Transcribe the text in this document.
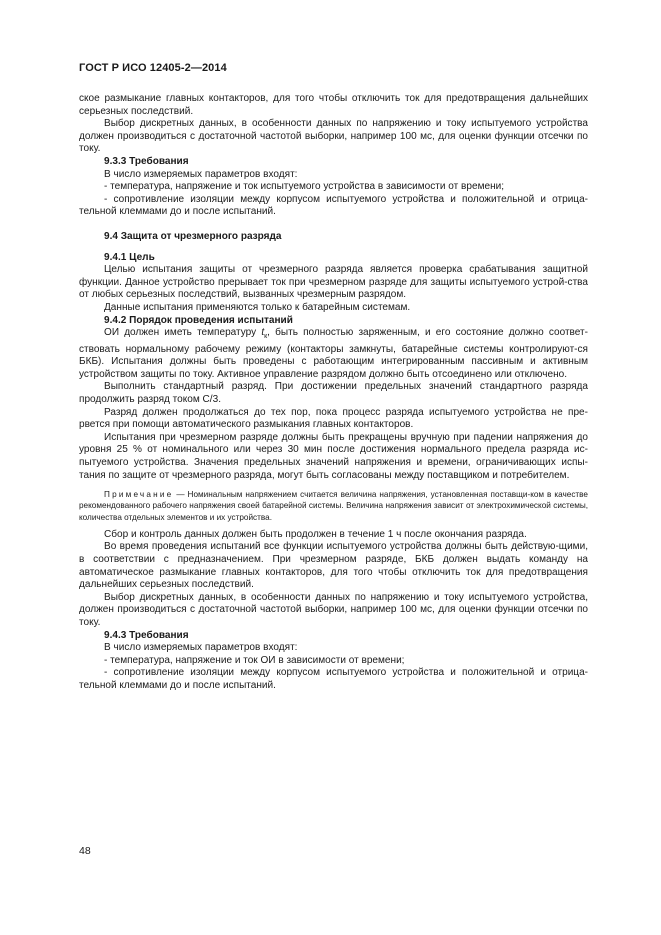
ГОСТ Р ИСО 12405-2—2014

ское размыкание главных контакторов, для того чтобы отключить ток для предотвращения дальнейших серьезных последствий.

Выбор дискретных данных, в особенности данных по напряжению и току испытуемого устройства должен производиться с достаточной частотой выборки, например 100 мс, для оценки функции отсечки по току.

9.3.3 Требования

В число измеряемых параметров входят:

- температура, напряжение и ток испытуемого устройства в зависимости от времени;

- сопротивление изоляции между корпусом испытуемого устройства и положительной и отрица-тельной клеммами до и после испытаний.

9.4 Защита от чрезмерного разряда

9.4.1 Цель

Целью испытания защиты от чрезмерного разряда является проверка срабатывания защитной функции. Данное устройство прерывает ток при чрезмерном разряде для защиты испытуемого устрой-ства от любых серьезных последствий, вызванных чрезмерным разрядом.

Данные испытания применяются только к батарейным системам.

9.4.2 Порядок проведения испытаний

ОИ должен иметь температуру $t_к$, быть полностью заряженным, и его состояние должно соответ-ствовать нормальному рабочему режиму (контакторы замкнуты, батарейные системы контролируют-ся БКБ). Испытания должны быть проведены с работающим интегрированным пассивным и активным устройством защиты по току. Активное управление разрядом должно быть отсоединено или отключено.

Выполнить стандартный разряд. При достижении предельных значений стандартного разряда продолжить разряд током С/3.

Разряд должен продолжаться до тех пор, пока процесс разряда испытуемого устройства не пре-рвется при помощи автоматического размыкания главных контакторов.

Испытания при чрезмерном разряде должны быть прекращены вручную при падении напряжения до уровня 25 % от номинального или через 30 мин после достижения нормального предела разряда ис-пытуемого устройства. Значения предельных значений напряжения и времени, ограничивающих испы-тания по защите от чрезмерного разряда, могут быть согласованы между поставщиком и потребителем.

Примечание — Номинальным напряжением считается величина напряжения, установленная поставщи-ком в качестве рекомендованного рабочего напряжения своей батарейной системы. Величина напряжения зависит от электрохимической системы, количества отдельных элементов и их устройства.

Сбор и контроль данных должен быть продолжен в течение 1 ч после окончания разряда.

Во время проведения испытаний все функции испытуемого устройства должны быть действую-щими, в соответствии с предназначением. При чрезмерном разряде, БКБ должен выдать команду на автоматическое размыкание главных контакторов, для того чтобы отключить ток для предотвращения дальнейших серьезных последствий.

Выбор дискретных данных, в особенности данных по напряжению и току испытуемого устройства, должен производиться с достаточной частотой выборки, например 100 мс, для оценки функции отсечки по току.

9.4.3 Требования

В число измеряемых параметров входят:

- температура, напряжение и ток ОИ в зависимости от времени;

- сопротивление изоляции между корпусом испытуемого устройства и положительной и отрица-тельной клеммами до и после испытаний.

48
